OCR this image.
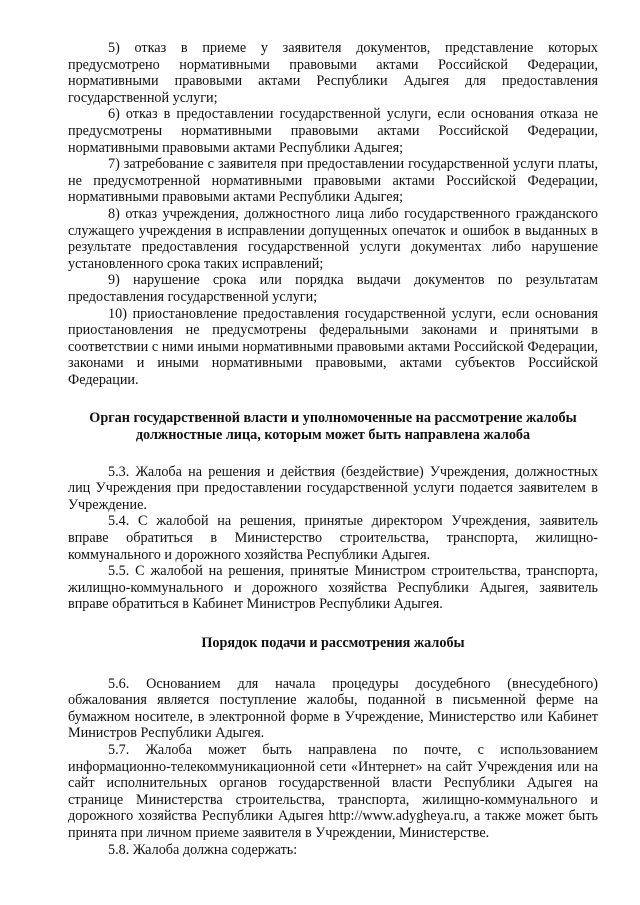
5) отказ в приеме у заявителя документов, представление которых предусмотрено нормативными правовыми актами Российской Федерации, нормативными правовыми актами Республики Адыгея для предоставления государственной услуги;

6) отказ в предоставлении государственной услуги, если основания отказа не предусмотрены нормативными правовыми актами Российской Федерации, нормативными правовыми актами Республики Адыгея;

7) затребование с заявителя при предоставлении государственной услуги платы, не предусмотренной нормативными правовыми актами Российской Федерации, нормативными правовыми актами Республики Адыгея;

8) отказ учреждения, должностного лица либо государственного гражданского служащего учреждения в исправлении допущенных опечаток и ошибок в выданных в результате предоставления государственной услуги документах либо нарушение установленного срока таких исправлений;

9) нарушение срока или порядка выдачи документов по результатам предоставления государственной услуги;

10) приостановление предоставления государственной услуги, если основания приостановления не предусмотрены федеральными законами и принятыми в соответствии с ними иными нормативными правовыми актами Российской Федерации, законами и иными нормативными правовыми, актами субъектов Российской Федерации.

Орган государственной власти и уполномоченные на рассмотрение жалобы должностные лица, которым может быть направлена жалоба

5.3. Жалоба на решения и действия (бездействие) Учреждения, должностных лиц Учреждения при предоставлении государственной услуги подается заявителем в Учреждение.

5.4. С жалобой на решения, принятые директором Учреждения, заявитель вправе обратиться в Министерство строительства, транспорта, жилищно-коммунального и дорожного хозяйства Республики Адыгея.

5.5. С жалобой на решения, принятые Министром строительства, транспорта, жилищно-коммунального и дорожного хозяйства Республики Адыгея, заявитель вправе обратиться в Кабинет Министров Республики Адыгея.

Порядок подачи и рассмотрения жалобы

5.6. Основанием для начала процедуры досудебного (внесудебного) обжалования является поступление жалобы, поданной в письменной ферме на бумажном носителе, в электронной форме в Учреждение, Министерство или Кабинет Министров Республики Адыгея.

5.7. Жалоба может быть направлена по почте, с использованием информационно-телекоммуникационной сети «Интернет» на сайт Учреждения или на сайт исполнительных органов государственной власти Республики Адыгея на странице Министерства строительства, транспорта, жилищно-коммунального и дорожного хозяйства Республики Адыгея http://www.adygheya.ru, а также может быть принята при личном приеме заявителя в Учреждении, Министерстве.

5.8. Жалоба должна содержать:
